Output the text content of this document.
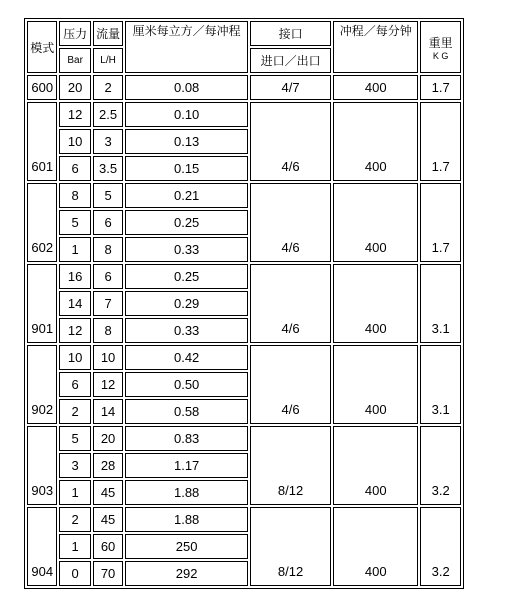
模式	压力	流量	厘米每立方／每冲程	接口	冲程／每分钟	重里
K G

	Bar	L/H		进口／出口		
600	20	2	0.08	4/7	400	1.7

601	12	2.5	0.10	4/6	400	1.7

	10	3	0.13			
	6	3.5	0.15			

602	8	5	0.21	4/6	400	1.7

	5	6	0.25			
	1	8	0.33			

901	16	6	0.25	4/6	400	3.1

	14	7	0.29			
	12	8	0.33			

902	10	10	0.42	4/6	400	3.1

	6	12	0.50			
	2	14	0.58			

903	5	20	0.83	8/12	400	3.2

	3	28	1.17			
	1	45	1.88			

904	2	45	1.88	8/12	400	3.2

	1	60	250			
	0	70	292			
